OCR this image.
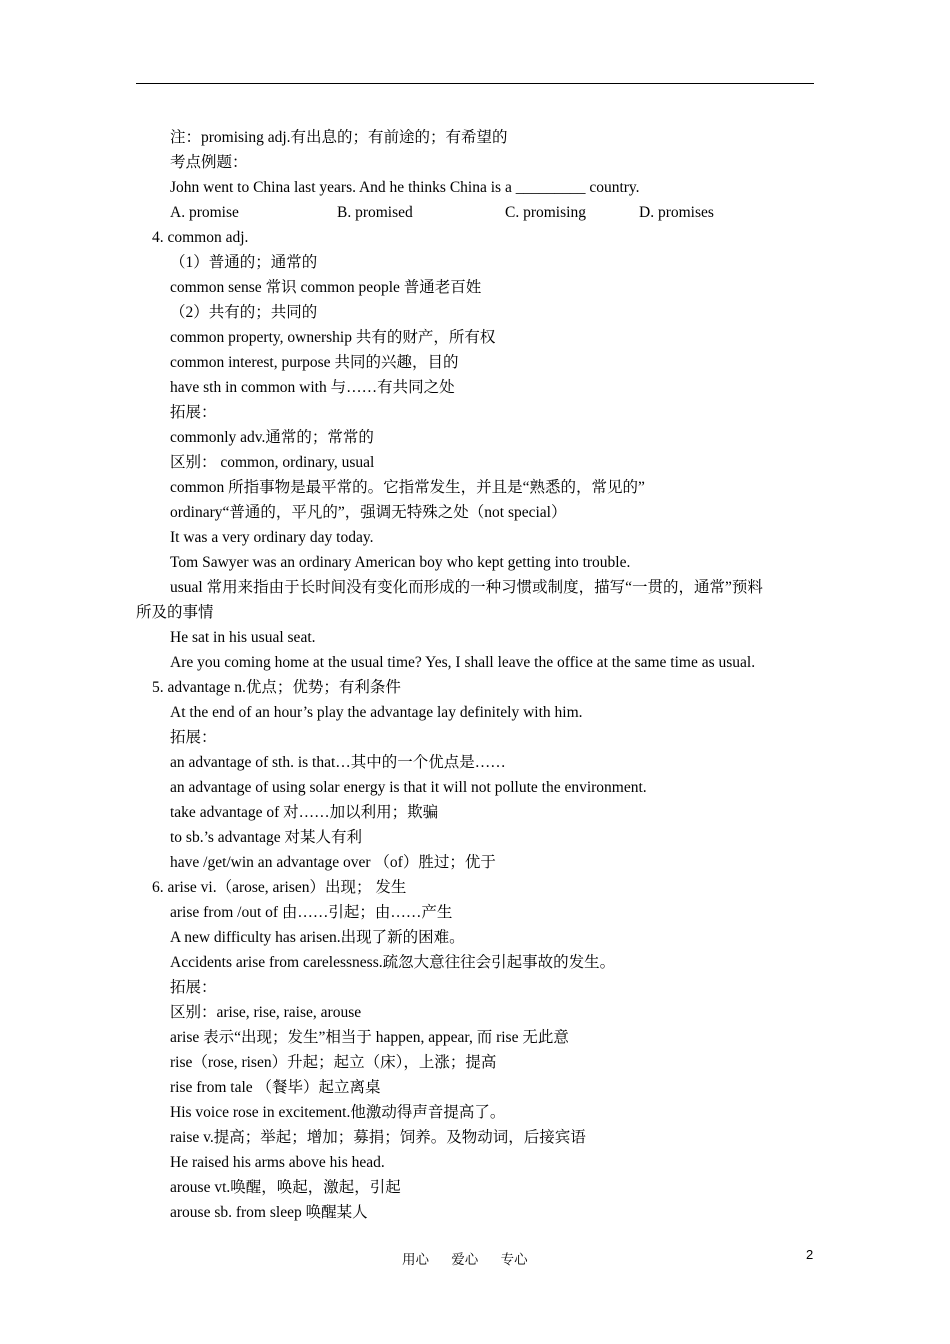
注：promising adj.有出息的；有前途的；有希望的
考点例题：
John went to China last years. And he thinks China is a _________ country.
A. promise	B. promised	C. promising	D. promises
4. common adj.
（1）普通的；通常的
common sense 常识 common people 普通老百姓
（2）共有的；共同的
common property, ownership 共有的财产，所有权
common interest, purpose 共同的兴趣，目的
have sth in common with 与……有共同之处
拓展：
commonly adv.通常的；常常的
区别： common, ordinary, usual
common 所指事物是最平常的。它指常发生，并且是“熟悉的，常见的”
ordinary“普通的，平凡的”，强调无特殊之处（not special）
It was a very ordinary day today.
Tom Sawyer was an ordinary American boy who kept getting into trouble.
usual 常用来指由于长时间没有变化而形成的一种习惯或制度，描写“一贯的，通常”预料
所及的事情
He sat in his usual seat.
Are you coming home at the usual time? Yes, I shall leave the office at the same time as usual.
5. advantage n.优点；优势；有利条件
At the end of an hour’s play the advantage lay definitely with him.
拓展：
an advantage of sth. is that…其中的一个优点是……
an advantage of using solar energy is that it will not pollute the environment.
take advantage of 对……加以利用；欺骗
to sb.’s advantage 对某人有利
have /get/win an advantage over （of）胜过；优于
6. arise vi.（arose, arisen）出现； 发生
arise from /out of 由……引起；由……产生
A new difficulty has arisen.出现了新的困难。
Accidents arise from carelessness.疏忽大意往往会引起事故的发生。
拓展：
区别：arise, rise, raise, arouse
arise 表示“出现；发生”相当于 happen, appear, 而 rise 无此意
rise（rose, risen）升起；起立（床），上涨；提高
rise from tale （餐毕）起立离桌
His voice rose in excitement.他激动得声音提高了。
raise v.提高；举起；增加；募捐；饲养。及物动词，后接宾语
He raised his arms above his head.
arouse vt.唤醒，唤起，激起，引起
arouse sb. from sleep 唤醒某人
用心 爱心 专心	2
